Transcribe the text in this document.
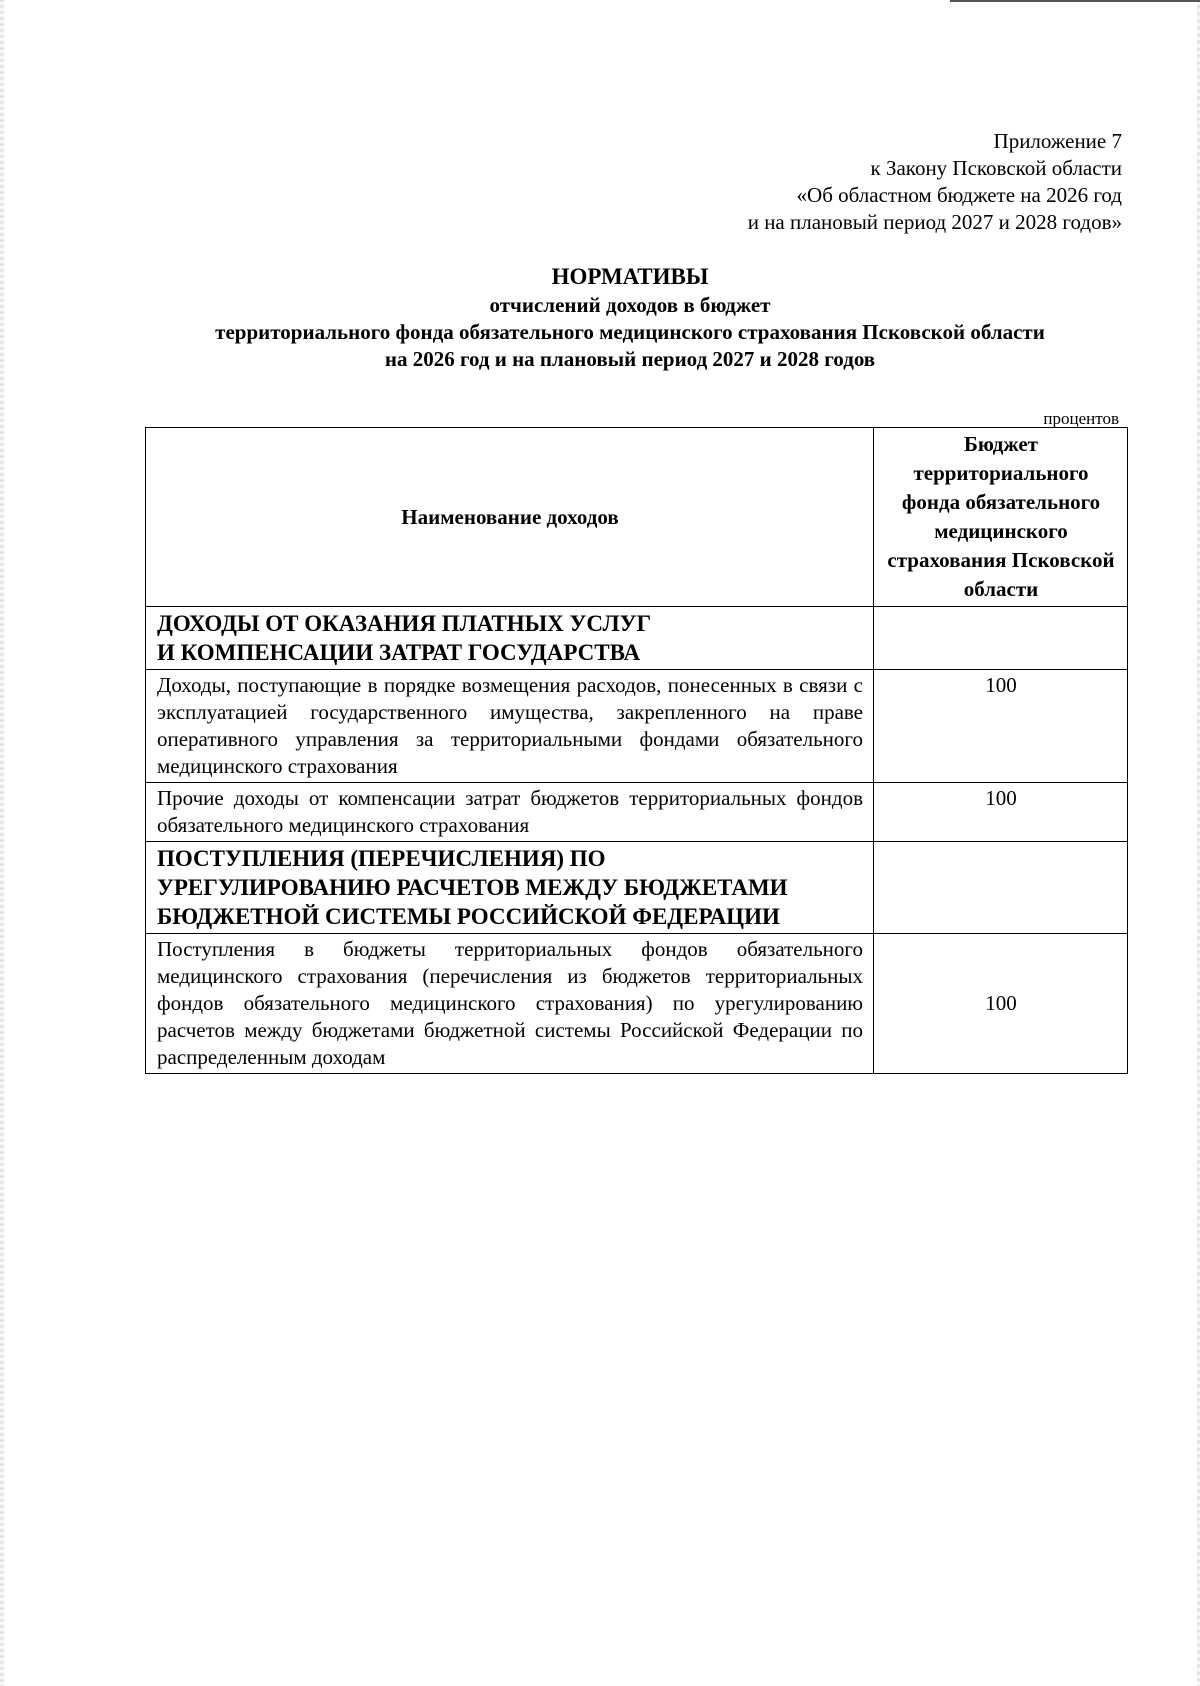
Приложение 7
к Закону Псковской области
«Об областном бюджете на 2026 год
и на плановый период 2027 и 2028 годов»
НОРМАТИВЫ
отчислений доходов в бюджет
территориального фонда обязательного медицинского страхования Псковской области
на 2026 год и на плановый период 2027 и 2028 годов
процентов
Наименование доходов	Бюджет территориального фонда обязательного медицинского страхования Псковской области

ДОХОДЫ ОТ ОКАЗАНИЯ ПЛАТНЫХ УСЛУГ
И КОМПЕНСАЦИИ ЗАТРАТ ГОСУДАРСТВА	

Доходы, поступающие в порядке возмещения расходов, понесенных в связи с эксплуатацией государственного имущества, закрепленного на праве оперативного управления за территориальными фондами обязательного медицинского страхования	100
Прочие доходы от компенсации затрат бюджетов территориальных фондов обязательного медицинского страхования	100

ПОСТУПЛЕНИЯ (ПЕРЕЧИСЛЕНИЯ) ПО
УРЕГУЛИРОВАНИЮ РАСЧЕТОВ МЕЖДУ БЮДЖЕТАМИ
БЮДЖЕТНОЙ СИСТЕМЫ РОССИЙСКОЙ ФЕДЕРАЦИИ	

Поступления в бюджеты территориальных фондов обязательного медицинского страхования (перечисления из бюджетов территориальных фондов обязательного медицинского страхования) по урегулированию расчетов между бюджетами бюджетной системы Российской Федерации по распределенным доходам	100
